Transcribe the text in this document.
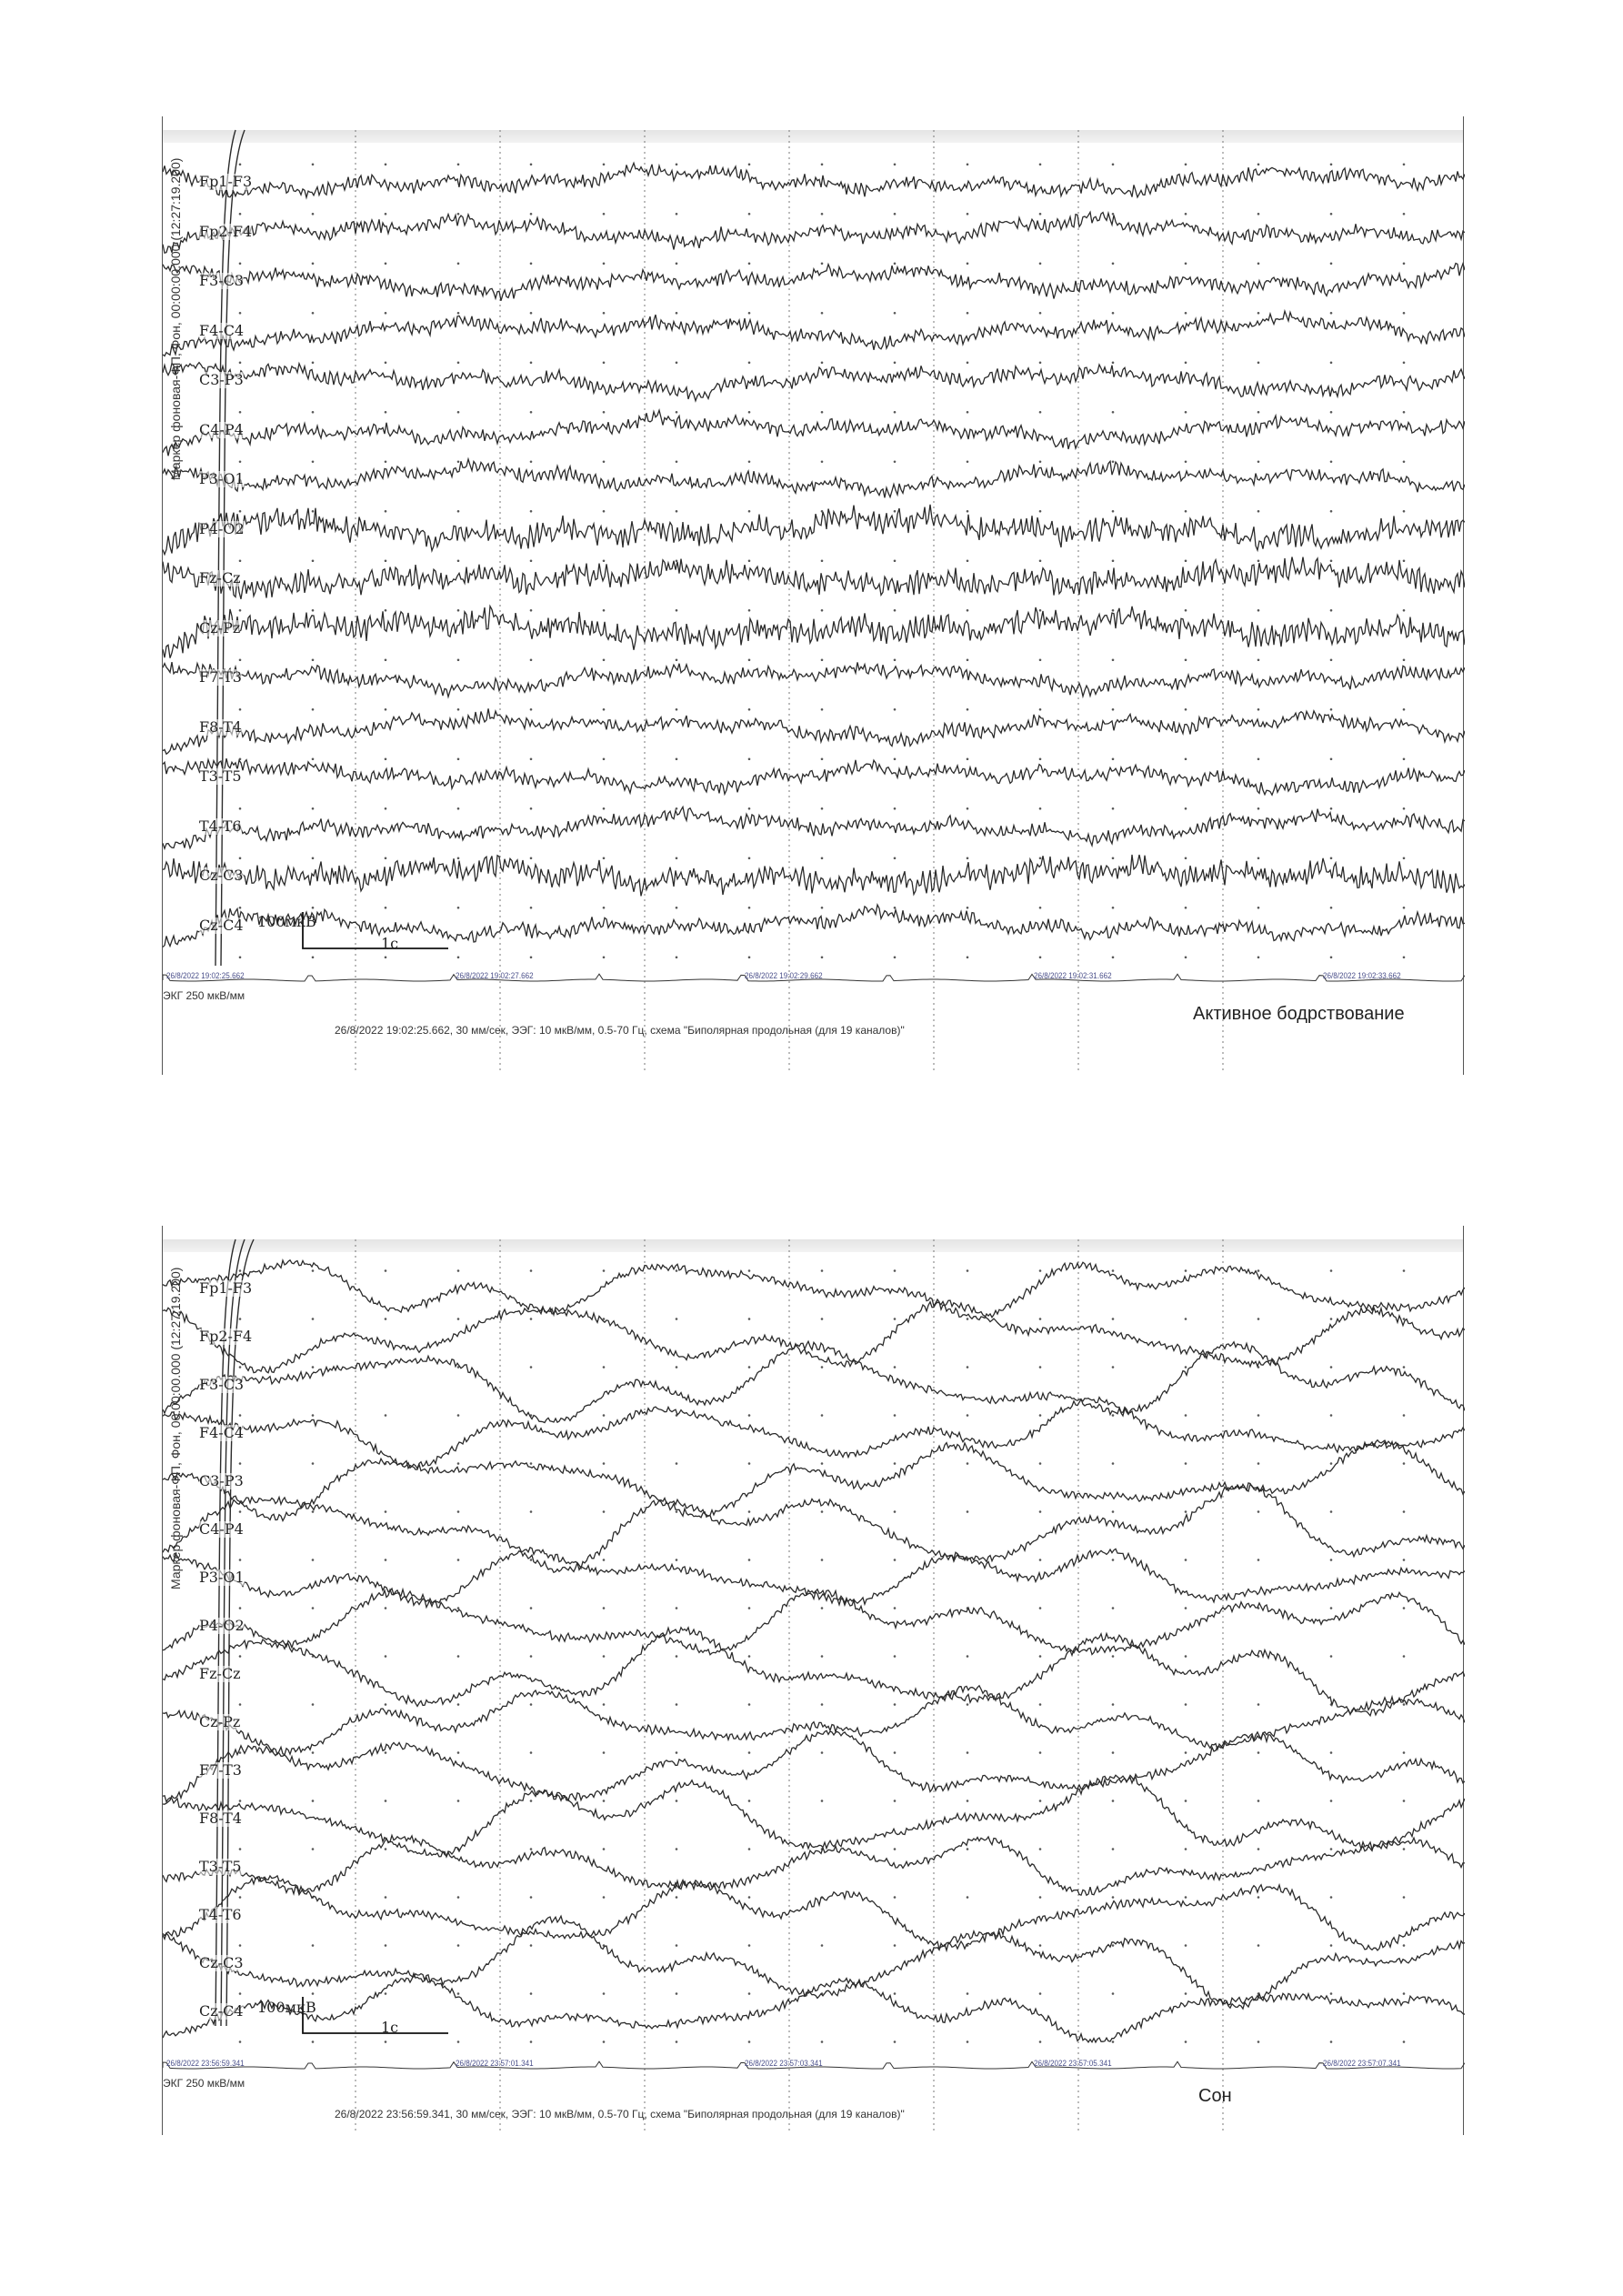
Маркер фоновая-ФП, Фон, 00:00:00.000 (12:27:19.200) Fp1-F3
Fp2-F4
F3-C3
F4-C4
C3-P3
C4-P4
P3-O1
P4-O2
Fz-Cz
Cz-Pz
F7-T3
F8-T4
T3-T5
T4-T6
Cz-C3
Cz-C4 100мкВ
1с
ЭКГ 250 мкВ/мм
26/8/2022 19:02:25.662	26/8/2022 19:02:27.662	26/8/2022 19:02:29.662	26/8/2022 19:02:31.662	26/8/2022 19:02:33.662
26/8/2022 19:02:25.662, 30 мм/сек, ЭЭГ: 10 мкВ/мм, 0.5-70 Гц, схема "Биполярная продольная (для 19 каналов)"
Активное бодрствование
Маркер фоновая-ФП, Фон, 00:00:00.000 (12:27:19.200) Fp1-F3
Fp2-F4
F3-C3
F4-C4
C3-P3
C4-P4
P3-O1
P4-O2
Fz-Cz
Cz-Pz
F7-T3
F8-T4
T3-T5
T4-T6
Cz-C3
Cz-C4 100мкВ
1с
ЭКГ 250 мкВ/мм
26/8/2022 23:56:59.341	26/8/2022 23:57:01.341	26/8/2022 23:57:03.341	26/8/2022 23:57:05.341	26/8/2022 23:57:07.341
26/8/2022 23:56:59.341, 30 мм/сек, ЭЭГ: 10 мкВ/мм, 0.5-70 Гц, схема "Биполярная продольная (для 19 каналов)"
Сон
